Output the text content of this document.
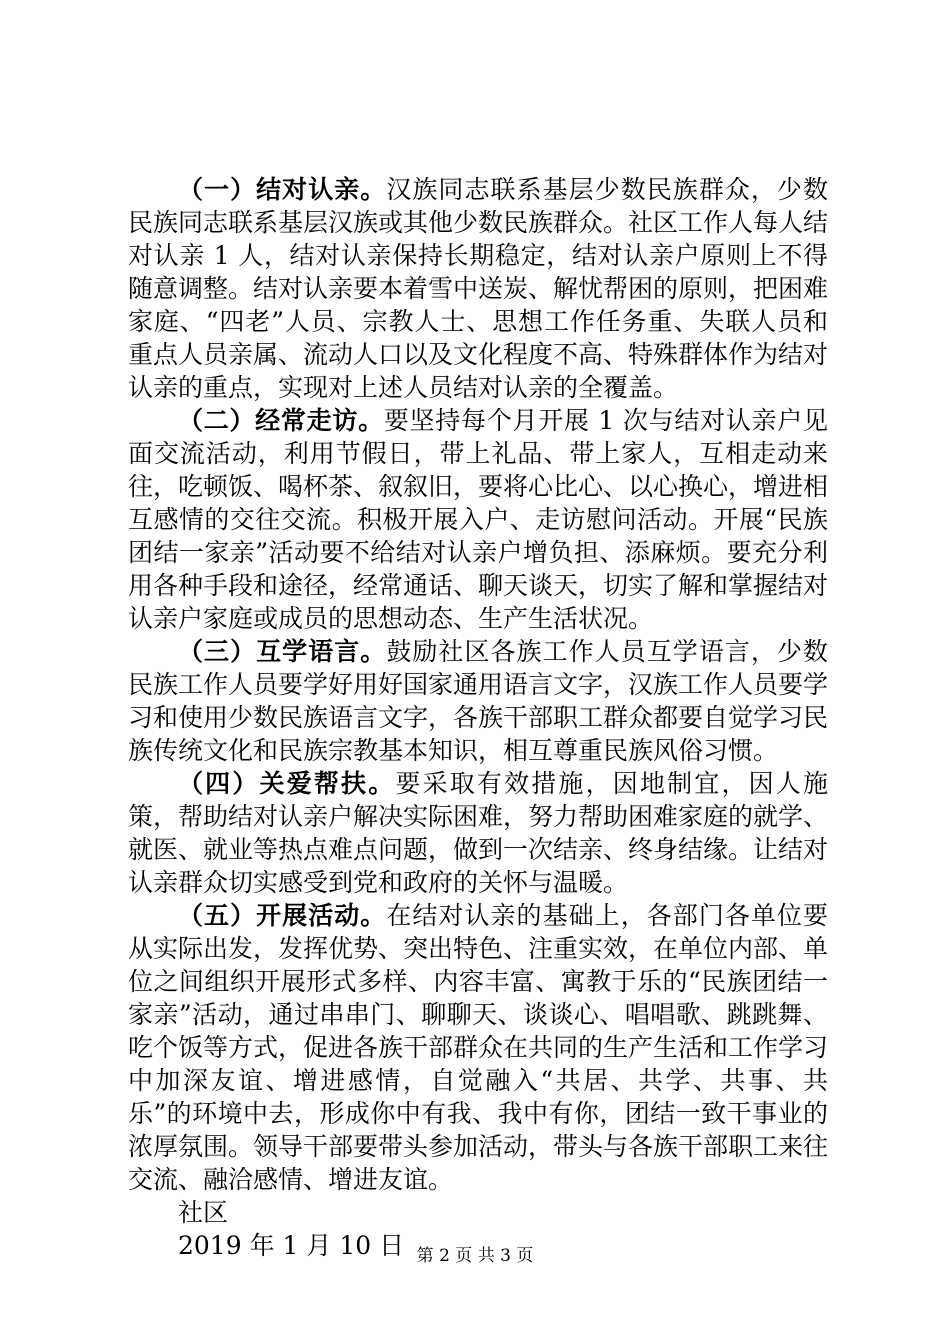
（一）结对认亲。汉族同志联系基层少数民族群众，少数民族同志联系基层汉族或其他少数民族群众。社区工作人每人结对认亲 1 人，结对认亲保持长期稳定，结对认亲户原则上不得随意调整。结对认亲要本着雪中送炭、解忧帮困的原则，把困难家庭、“四老”人员、宗教人士、思想工作任务重、失联人员和重点人员亲属、流动人口以及文化程度不高、特殊群体作为结对认亲的重点，实现对上述人员结对认亲的全覆盖。

（二）经常走访。要坚持每个月开展 1 次与结对认亲户见面交流活动，利用节假日，带上礼品、带上家人，互相走动来往，吃顿饭、喝杯茶、叙叙旧，要将心比心、以心换心，增进相互感情的交往交流。积极开展入户、走访慰问活动。开展“民族团结一家亲”活动要不给结对认亲户增负担、添麻烦。要充分利用各种手段和途径，经常通话、聊天谈天，切实了解和掌握结对认亲户家庭或成员的思想动态、生产生活状况。

（三）互学语言。鼓励社区各族工作人员互学语言，少数民族工作人员要学好用好国家通用语言文字，汉族工作人员要学习和使用少数民族语言文字，各族干部职工群众都要自觉学习民族传统文化和民族宗教基本知识，相互尊重民族风俗习惯。

（四）关爱帮扶。要采取有效措施，因地制宜，因人施策，帮助结对认亲户解决实际困难，努力帮助困难家庭的就学、就医、就业等热点难点问题，做到一次结亲、终身结缘。让结对认亲群众切实感受到党和政府的关怀与温暖。

（五）开展活动。在结对认亲的基础上，各部门各单位要从实际出发，发挥优势、突出特色、注重实效，在单位内部、单位之间组织开展形式多样、内容丰富、寓教于乐的“民族团结一家亲”活动，通过串串门、聊聊天、谈谈心、唱唱歌、跳跳舞、吃个饭等方式，促进各族干部群众在共同的生产生活和工作学习中加深友谊、增进感情，自觉融入“共居、共学、共事、共乐”的环境中去，形成你中有我、我中有你，团结一致干事业的浓厚氛围。领导干部要带头参加活动，带头与各族干部职工来往交流、融洽感情、增进友谊。

社区

2019 年 1 月 10 日 第 2 页 共 3 页
